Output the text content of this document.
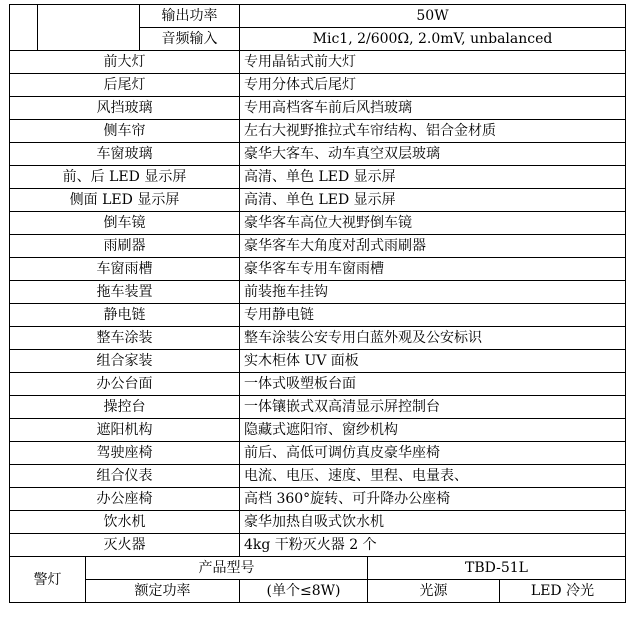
			输出功率	50W		
			音频输入	Mic1, 2/600Ω, 2.0mV, unbalanced		
前大灯				专用晶钻式前大灯		
后尾灯				专用分体式后尾灯		
风挡玻璃				专用高档客车前后风挡玻璃		
侧车帘				左右大视野推拉式车帘结构、铝合金材质		
车窗玻璃				豪华大客车、动车真空双层玻璃		
前、后 LED 显示屏				高清、单色 LED 显示屏		
侧面 LED 显示屏				高清、单色 LED 显示屏		
倒车镜				豪华客车高位大视野倒车镜		
雨刷器				豪华客车大角度对刮式雨刷器		
车窗雨槽				豪华客车专用车窗雨槽		
拖车装置				前装拖车挂钩		
静电链				专用静电链		
整车涂装				整车涂装公安专用白蓝外观及公安标识		
组合家装				实木柜体 UV 面板		
办公台面				一体式吸塑板台面		
操控台				一体镶嵌式双高清显示屏控制台		
遮阳机构				隐藏式遮阳帘、窗纱机构		
驾驶座椅				前后、高低可调仿真皮豪华座椅		
组合仪表				电流、电压、速度、里程、电量表、		
办公座椅				高档 360°旋转、可升降办公座椅		
饮水机				豪华加热自吸式饮水机		
灭火器				4kg 干粉灭火器 2 个		
警灯		产品型号			TBD-51L	
		额定功率		(单个≤8W)	光源	LED 冷光
